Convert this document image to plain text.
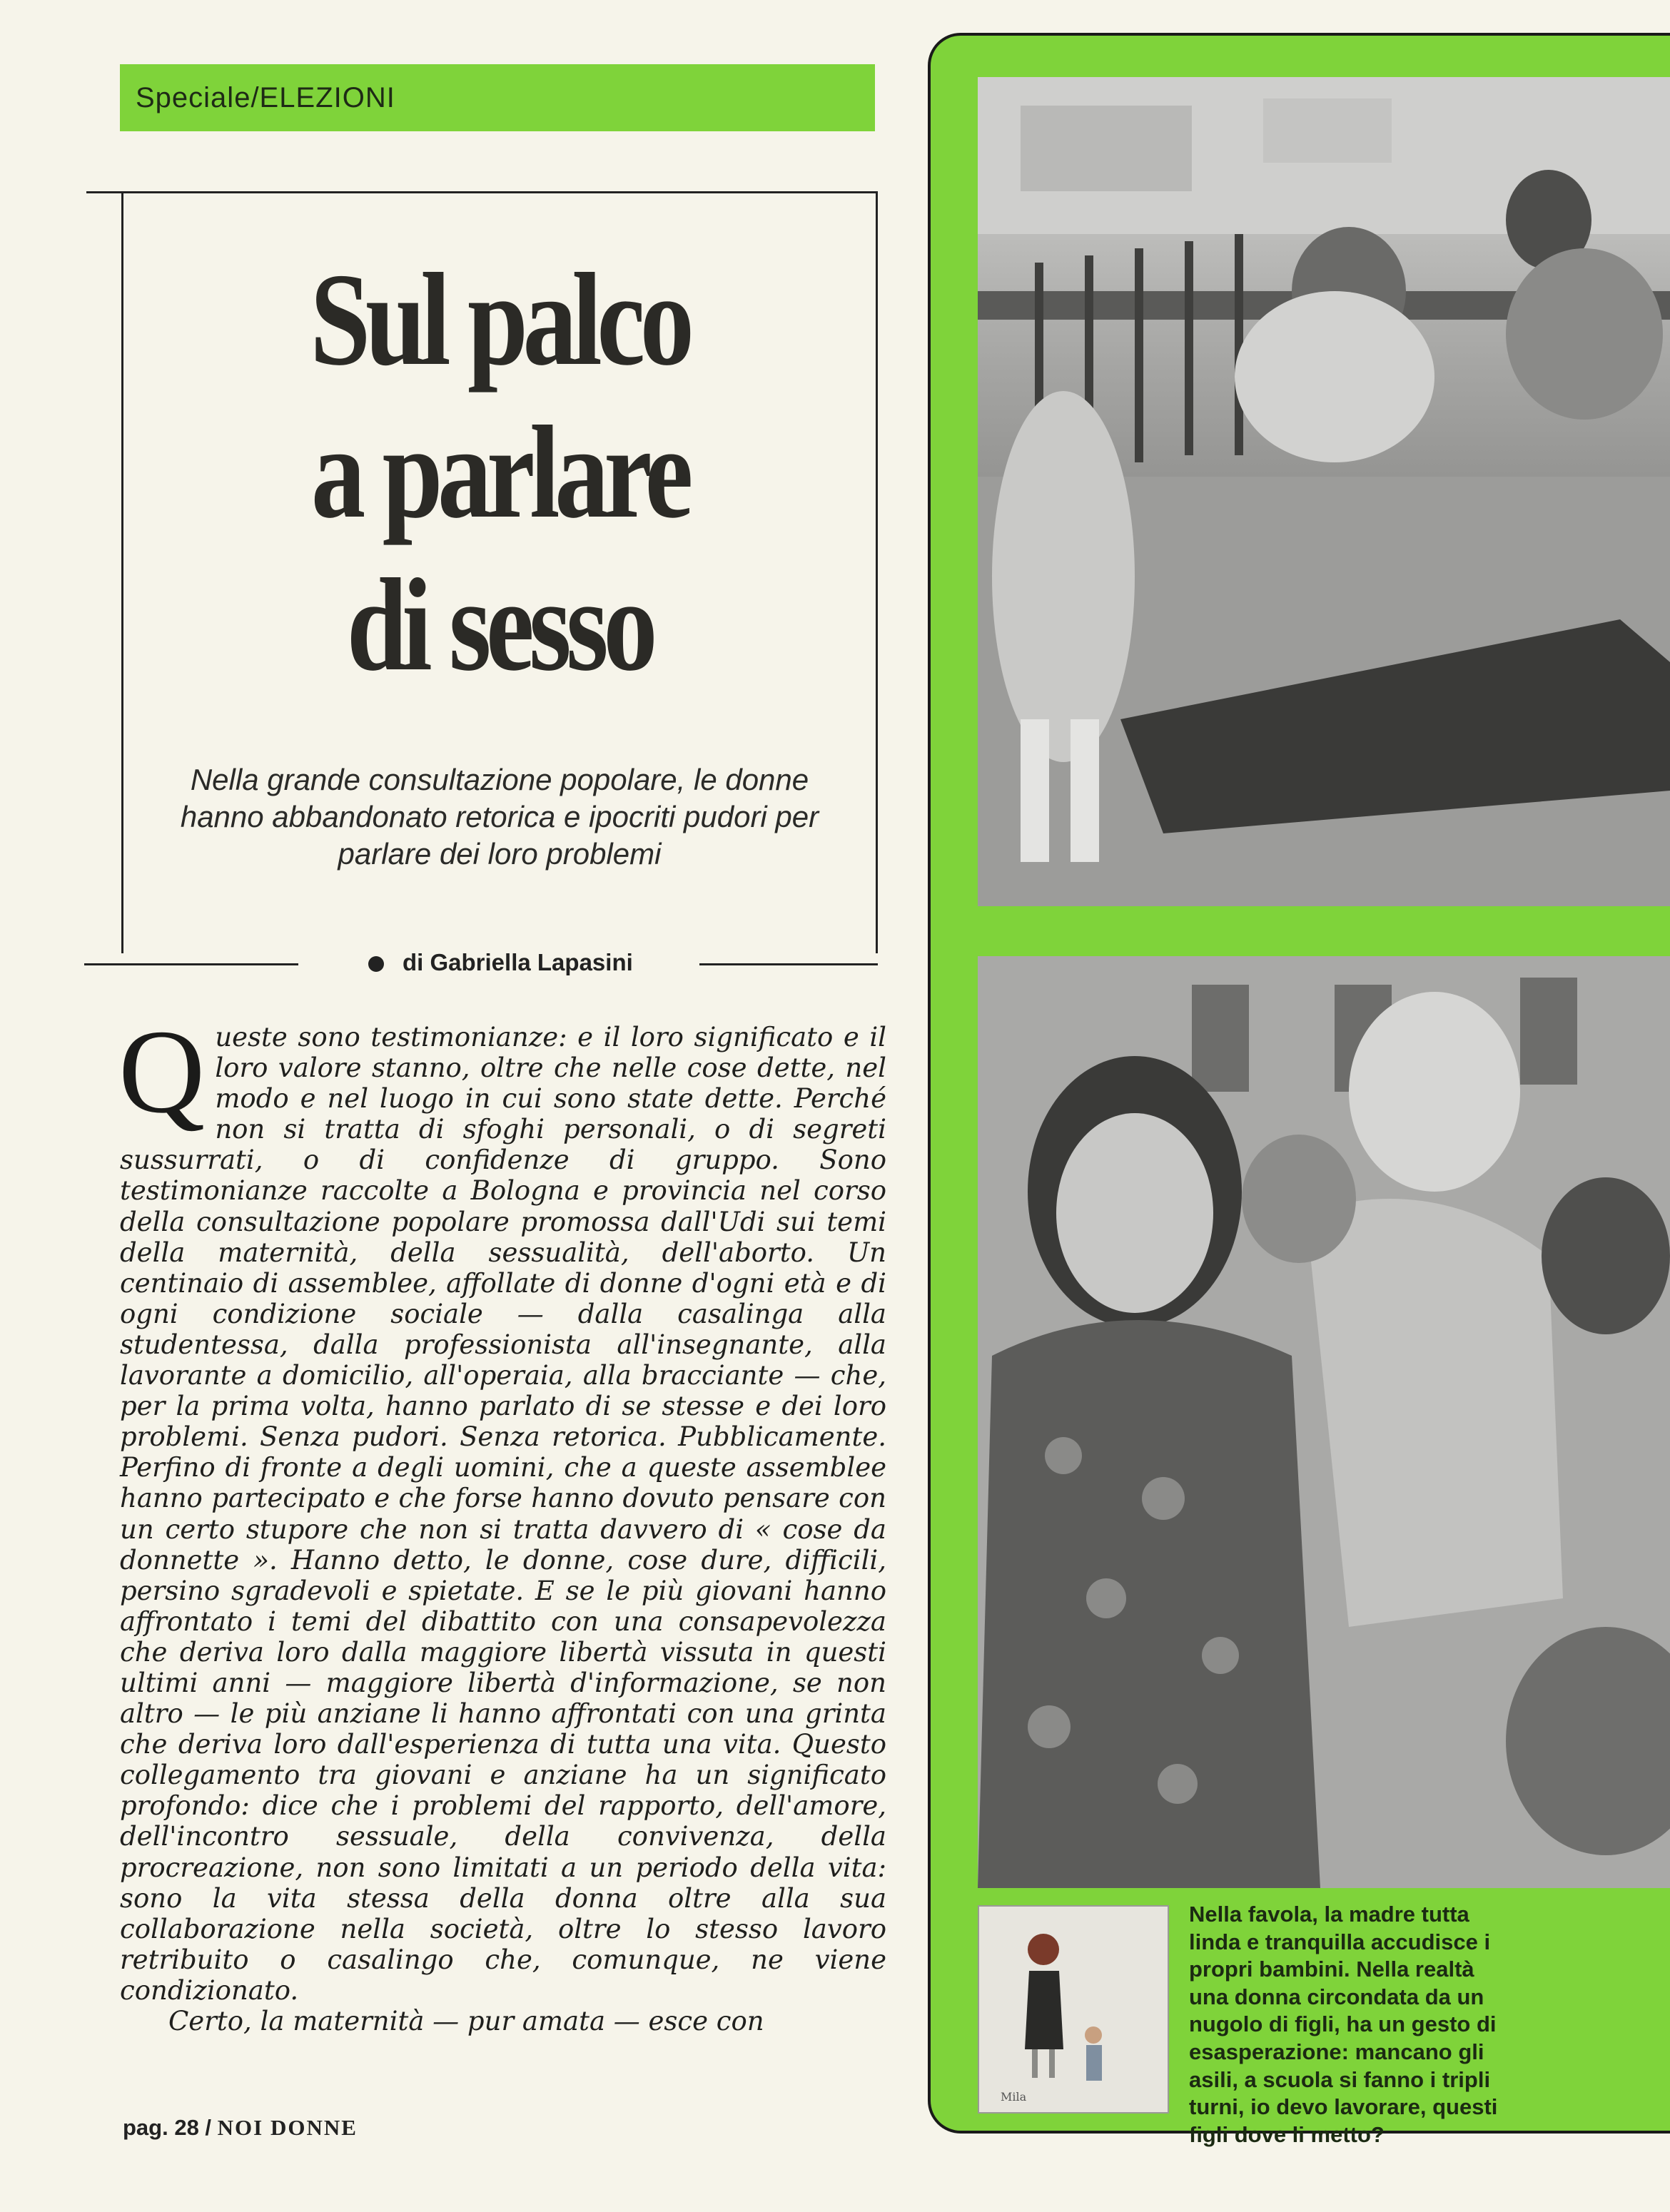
Speciale/ELEZIONI
Sul palco
a parlare
di sesso
Nella grande consultazione popolare, le donne hanno abbandonato retorica e ipocriti pudori per parlare dei loro problemi
di Gabriella Lapasini

Queste sono testimonianze: e il loro significato e il loro valore stanno, oltre che nelle cose dette, nel modo e nel luogo in cui sono state dette. Perché non si tratta di sfoghi personali, o di segreti sussurrati, o di confidenze di gruppo. Sono testimonianze raccolte a Bologna e provincia nel corso della consultazione popolare promossa dall'Udi sui temi della maternità, della sessualità, dell'aborto. Un centinaio di assemblee, affollate di donne d'ogni età e di ogni condizione sociale — dalla casalinga alla studentessa, dalla professionista all'insegnante, alla lavorante a domicilio, all'operaia, alla bracciante — che, per la prima volta, hanno parlato di se stesse e dei loro problemi. Senza pudori. Senza retorica. Pubblicamente. Perfino di fronte a degli uomini, che a queste assemblee hanno partecipato e che forse hanno dovuto pensare con un certo stupore che non si tratta davvero di « cose da donnette ». Hanno detto, le donne, cose dure, difficili, persino sgradevoli e spietate. E se le più giovani hanno affrontato i temi del dibattito con una consapevolezza che deriva loro dalla maggiore libertà vissuta in questi ultimi anni — maggiore libertà d'informazione, se non altro — le più anziane li hanno affrontati con una grinta che deriva loro dall'esperienza di tutta una vita. Questo collegamento tra giovani e anziane ha un significato profondo: dice che i problemi del rapporto, dell'amore, dell'incontro sessuale, della convivenza, della procreazione, non sono limitati a un periodo della vita: sono la vita stessa della donna oltre alla sua collaborazione nella società, oltre lo stesso lavoro retribuito o casalingo che, comunque, ne viene condizionato.

Certo, la maternità — pur amata — esce con

pag. 28 / NOI DONNE
Mila
Nella favola, la madre tutta linda e tranquilla accudisce i propri bambini. Nella realtà una donna circondata da un nugolo di figli, ha un gesto di esasperazione: mancano gli asili, a scuola si fanno i tripli turni, io devo lavorare, questi figli dove li metto?
